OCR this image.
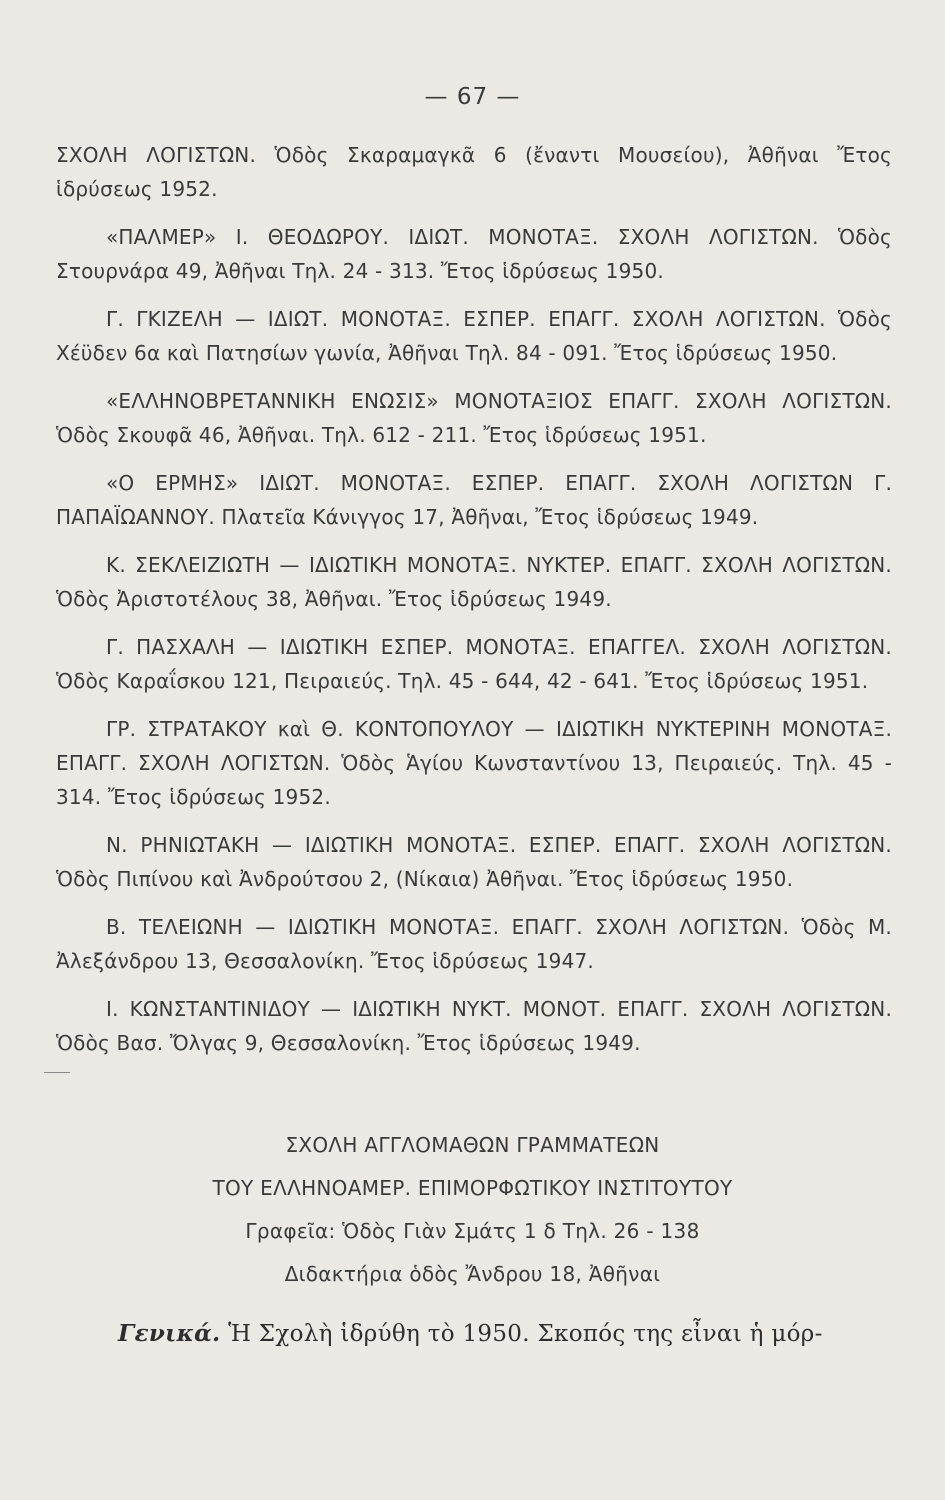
— 67 —

ΣΧΟΛΗ ΛΟΓΙΣΤΩΝ. Ὁδὸς Σκαραμαγκᾶ 6 (ἔναντι Μουσείου), Ἀθῆναι Ἔτος ἱδρύσεως 1952.

«ΠΑΛΜΕΡ» Ι. ΘΕΟΔΩΡΟΥ. ΙΔΙΩΤ. ΜΟΝΟΤΑΞ. ΣΧΟΛΗ ΛΟΓΙΣΤΩΝ. Ὁδὸς Στουρνάρα 49, Ἀθῆναι Τηλ. 24 - 313. Ἔτος ἱδρύσεως 1950.

Γ. ΓΚΙΖΕΛΗ — ΙΔΙΩΤ. ΜΟΝΟΤΑΞ. ΕΣΠΕΡ. ΕΠΑΓΓ. ΣΧΟΛΗ ΛΟΓΙΣΤΩΝ. Ὁδὸς Χέϋδεν 6α καὶ Πατησίων γωνία, Ἀθῆναι Τηλ. 84 - 091. Ἔτος ἱδρύσεως 1950.

«ΕΛΛΗΝΟΒΡΕΤΑΝΝΙΚΗ ΕΝΩΣΙΣ» ΜΟΝΟΤΑΞΙΟΣ ΕΠΑΓΓ. ΣΧΟΛΗ ΛΟΓΙΣΤΩΝ. Ὁδὸς Σκουφᾶ 46, Ἀθῆναι. Τηλ. 612 - 211. Ἔτος ἱδρύσεως 1951.

«Ο ΕΡΜΗΣ» ΙΔΙΩΤ. ΜΟΝΟΤΑΞ. ΕΣΠΕΡ. ΕΠΑΓΓ. ΣΧΟΛΗ ΛΟΓΙΣΤΩΝ Γ. ΠΑΠΑΪΩΑΝΝΟΥ. Πλατεῖα Κάνιγγος 17, Ἀθῆναι, Ἔτος ἱδρύσεως 1949.

Κ. ΣΕΚΛΕΙΖΙΩΤΗ — ΙΔΙΩΤΙΚΗ ΜΟΝΟΤΑΞ. ΝΥΚΤΕΡ. ΕΠΑΓΓ. ΣΧΟΛΗ ΛΟΓΙΣΤΩΝ. Ὁδὸς Ἀριστοτέλους 38, Ἀθῆναι. Ἔτος ἱδρύσεως 1949.

Γ. ΠΑΣΧΑΛΗ — ΙΔΙΩΤΙΚΗ ΕΣΠΕΡ. ΜΟΝΟΤΑΞ. ΕΠΑΓΓΕΛ. ΣΧΟΛΗ ΛΟΓΙΣΤΩΝ. Ὁδὸς Καραΐσκου 121, Πειραιεύς. Τηλ. 45 - 644, 42 - 641. Ἔτος ἱδρύσεως 1951.

ΓΡ. ΣΤΡΑΤΑΚΟΥ καὶ Θ. ΚΟΝΤΟΠΟΥΛΟΥ — ΙΔΙΩΤΙΚΗ ΝΥΚΤΕΡΙΝΗ ΜΟΝΟΤΑΞ. ΕΠΑΓΓ. ΣΧΟΛΗ ΛΟΓΙΣΤΩΝ. Ὁδὸς Ἁγίου Κωνσταντίνου 13, Πειραιεύς. Τηλ. 45 - 314. Ἔτος ἱδρύσεως 1952.

Ν. ΡΗΝΙΩΤΑΚΗ — ΙΔΙΩΤΙΚΗ ΜΟΝΟΤΑΞ. ΕΣΠΕΡ. ΕΠΑΓΓ. ΣΧΟΛΗ ΛΟΓΙΣΤΩΝ. Ὁδὸς Πιπίνου καὶ Ἀνδρούτσου 2, (Νίκαια) Ἀθῆναι. Ἔτος ἱδρύσεως 1950.

Β. ΤΕΛΕΙΩΝΗ — ΙΔΙΩΤΙΚΗ ΜΟΝΟΤΑΞ. ΕΠΑΓΓ. ΣΧΟΛΗ ΛΟΓΙΣΤΩΝ. Ὁδὸς Μ. Ἀλεξάνδρου 13, Θεσσαλονίκη. Ἔτος ἱδρύσεως 1947.

Ι. ΚΩΝΣΤΑΝΤΙΝΙΔΟΥ — ΙΔΙΩΤΙΚΗ ΝΥΚΤ. ΜΟΝΟΤ. ΕΠΑΓΓ. ΣΧΟΛΗ ΛΟΓΙΣΤΩΝ. Ὁδὸς Βασ. Ὄλγας 9, Θεσσαλονίκη. Ἔτος ἱδρύσεως 1949.

ΣΧΟΛΗ ΑΓΓΛΟΜΑΘΩΝ ΓΡΑΜΜΑΤΕΩΝ
ΤΟΥ ΕΛΛΗΝΟΑΜΕΡ. ΕΠΙΜΟΡΦΩΤΙΚΟΥ ΙΝΣΤΙΤΟΥΤΟΥ
Γραφεῖα: Ὁδὸς Γιὰν Σμάτς 1 δ Τηλ. 26 - 138
Διδακτήρια ὁδὸς Ἄνδρου 18, Ἀθῆναι
Γενικά. Ἡ Σχολὴ ἱδρύθη τὸ 1950. Σκοπός της εἶναι ἡ μόρ-
